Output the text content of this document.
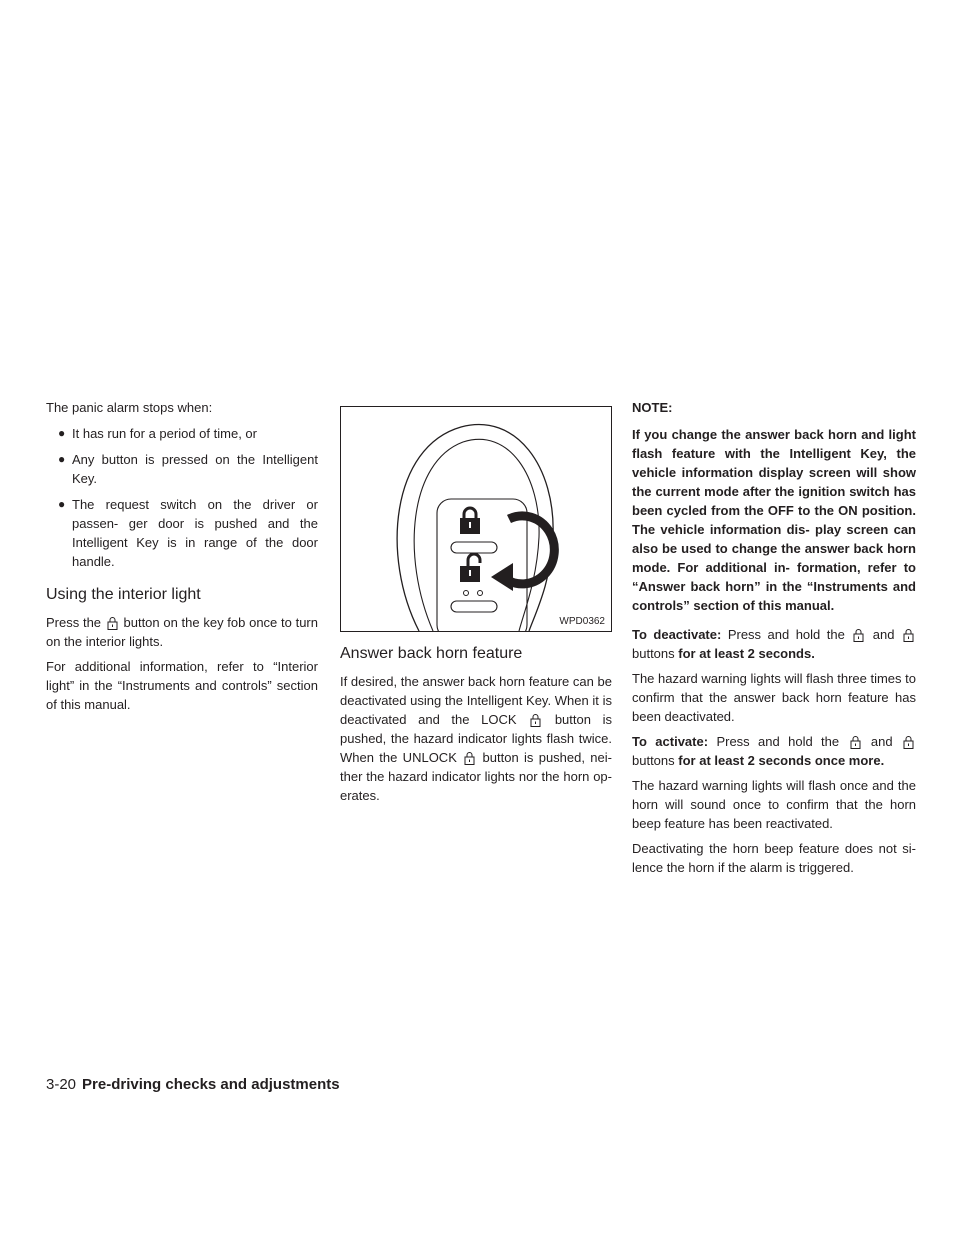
The panic alarm stops when:

● It has run for a period of time, or
● Any button is pressed on the Intelligent Key.
● The request switch on the driver or passen- ger door is pushed and the Intelligent Key is in range of the door handle.
Using the interior light

Press the button on the key fob once to turn on the interior lights.

For additional information, refer to “Interior light” in the “Instruments and controls” section of this manual.

WPD0362
Answer back horn feature

If desired, the answer back horn feature can be deactivated using the Intelligent Key. When it is deactivated and the LOCK	button is pushed, the hazard indicator lights flash twice. When the UNLOCK button is pushed, nei- ther the hazard indicator lights nor the horn op- erates.

NOTE:

If you change the answer back horn and light flash feature with the Intelligent Key, the vehicle information display screen will show the current mode after the ignition switch has been cycled from the OFF to the ON position. The vehicle information dis- play screen can also be used to change the answer back horn mode. For additional in- formation, refer to “Answer back horn” in the “Instruments and controls” section of this manual.

To deactivate: Press and hold the and
buttons for at least 2 seconds.

The hazard warning lights will flash three times to confirm that the answer back horn feature has been deactivated.

To activate: Press and hold the and
buttons for at least 2 seconds once more.

The hazard warning lights will flash once and the horn will sound once to confirm that the horn beep feature has been reactivated.

Deactivating the horn beep feature does not si- lence the horn if the alarm is triggered.

3-20 Pre-driving checks and adjustments
